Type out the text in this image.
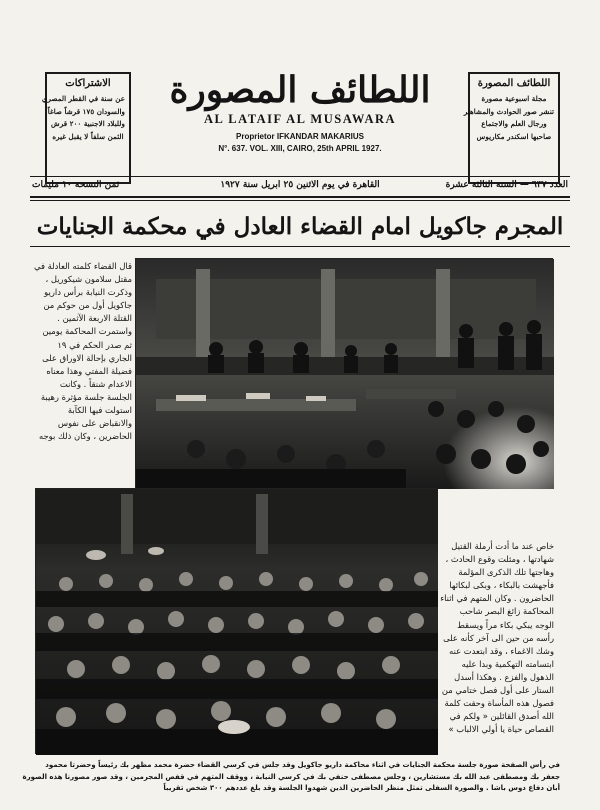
الاشتراكات
عن سنة في القطر المصري
والسودان ١٧٥ قرشاً صاغاً
وللبلاد الاجنبية ٢٠٠ قرش
الثمن سلفاً لا يقبل غيره
اللطائف المصورة
مجلة اسبوعية مصورة
تنشر صور الحوادث والمشاهير
ورجال العلم والاجتماع
صاحبها اسكندر مكاريوس
اللطائف المصورة
AL LATAIF AL MUSAWARA
Proprietor IFKANDAR MAKARIUS
N°. 637. VOL. XIII, CAIRO, 25th APRIL 1927.
العدد ٦٣٧ — السنة الثالثة عشرة
القاهرة في يوم الاثنين ٢٥ ابريل سنة ١٩٢٧
ثمن النسخة ١٠ مليمات
المجرم جاكويل امام القضاء العادل في محكمة الجنايات
قال القضاء كلمته العادلة في
مقتل سلامون شيكوريل ،
وذكرت النيابة برأس داريو
جاكويل أول من حوكم من
القتلة الاربعة الآثمين .
واستمرت المحاكمة يومين
ثم صدر الحكم في ١٩
الجاري بإحالة الاوراق على
فضيلة المفتي وهذا معناه
الاعدام شنقاً . وكانت
الجلسة جلسة مؤثرة رهيبة
استولت فيها الكآبة
والانقباض على نفوس
الحاضرين ، وكان ذلك بوجه
خاص عند ما أدت أرملة القتيل
شهادتها ، ومثلت وقوع الحادث ،
وهاجتها تلك الذكرى المؤلمة
فأجهشت بالبكاء ، وبكى لبكائها
الحاضرون . وكان المتهم في اثناء
المحاكمة زائغ البصر شاحب
الوجه يبكي بكاء مراً ويسقط
رأسه من حين الى آخر كأنه على
وشك الاغماء ، وقد ابتعدت عنه
ابتسامته التهكمية وبدا عليه
الذهول والفزع . وهكذا أسدل
الستار على أول فصل ختامي من
فصول هذه المأساة وحقت كلمة
الله أصدق القائلين « ولكم في
القصاص حياة يا أولي الالباب »
في رأس الصفحة صورة جلسة محكمة الجنايات في اثناء محاكمة داريو جاكويل وقد جلس في كرسي القضاء حضرة محمد مظهر بك رئيساً وحضرتا محمود
جعفر بك ومصطفى عبد الله بك مستشارين ، وجلس مصطفى حنفي بك في كرسي النيابة ، ووقف المتهم في قفص المجرمين ، وقد صور مصورنا هذه الصورة
أبان دفاع دوس باشا . والصورة السفلى تمثل منظر الحاضرين الذين شهدوا الجلسة وقد بلغ عددهم ٣٠٠ شخص تقريباً
